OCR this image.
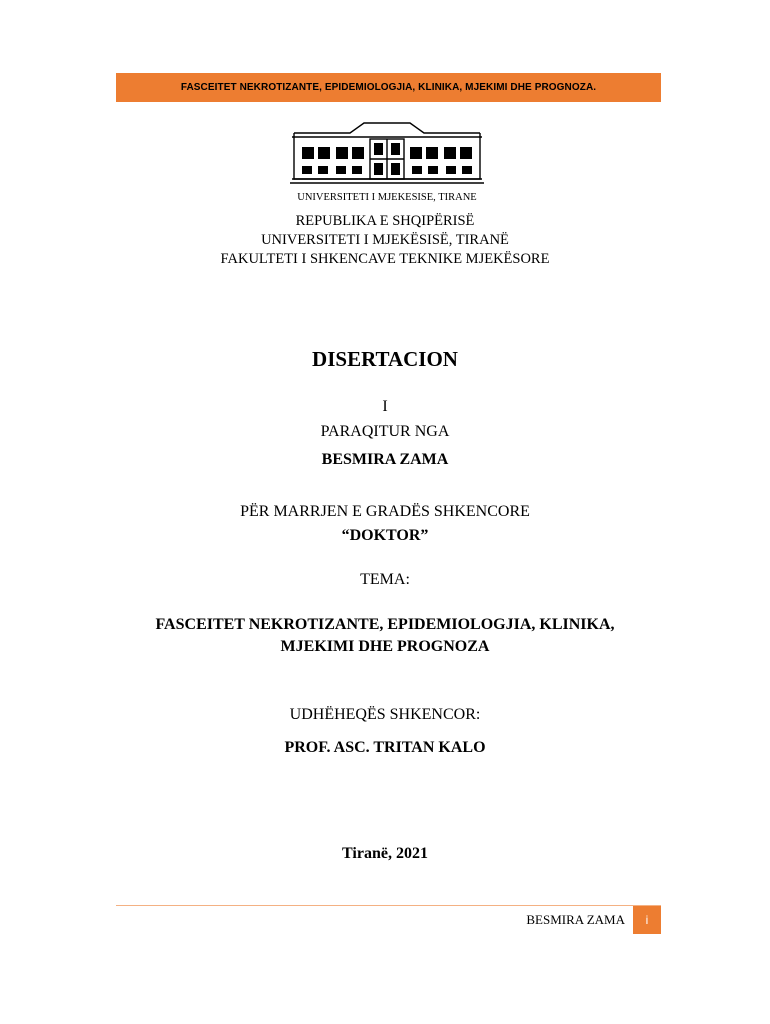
FASCEITET NEKROTIZANTE, EPIDEMIOLOGJIA, KLINIKA, MJEKIMI DHE PROGNOZA.
UNIVERSITETI I MJEKESISE, TIRANE
REPUBLIKA E SHQIPËRISË
UNIVERSITETI I MJEKËSISË, TIRANË
FAKULTETI I SHKENCAVE TEKNIKE MJEKËSORE
DISERTACION
I
PARAQITUR NGA
BESMIRA ZAMA
PËR MARRJEN E GRADËS SHKENCORE
“DOKTOR”
TEMA:
FASCEITET NEKROTIZANTE, EPIDEMIOLOGJIA, KLINIKA,
MJEKIMI DHE PROGNOZA
UDHËHEQËS SHKENCOR:
PROF. ASC. TRITAN KALO
Tiranë, 2021
BESMIRA ZAMA	i
